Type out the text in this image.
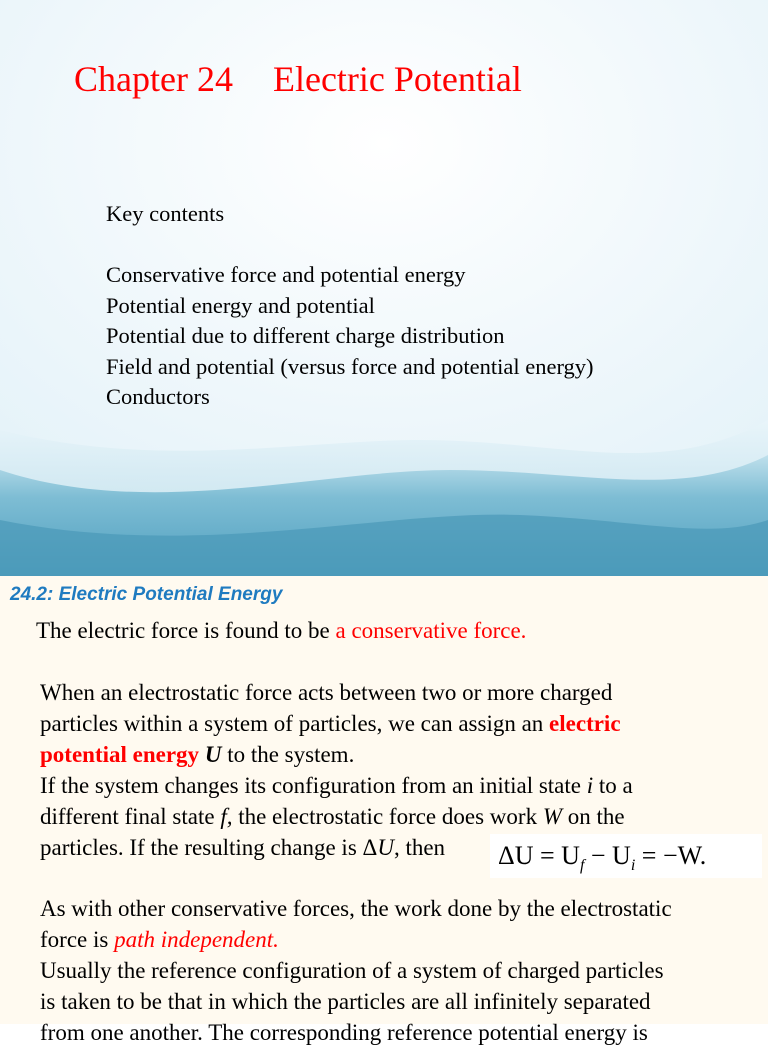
Chapter 24 Electric Potential
Key contents
Conservative force and potential energy
Potential energy and potential
Potential due to different charge distribution
Field and potential (versus force and potential energy)
Conductors
24.2: Electric Potential Energy
The electric force is found to be a conservative force.
When an electrostatic force acts between two or more charged
particles within a system of particles, we can assign an electric
potential energy U to the system.
If the system changes its configuration from an initial state i to a
different final state f, the electrostatic force does work W on the
particles. If the resulting change is ΔU, then	$\Delta U = U_f - U_i = -W$.
As with other conservative forces, the work done by the electrostatic
force is path independent.
Usually the reference configuration of a system of charged particles
is taken to be that in which the particles are all infinitely separated
from one another. The corresponding reference potential energy is
